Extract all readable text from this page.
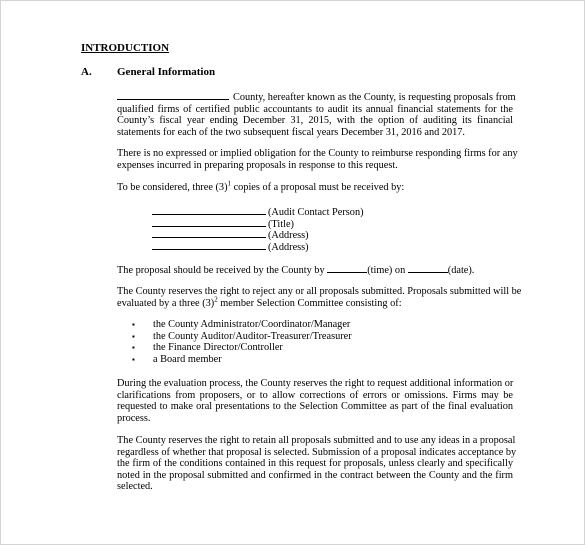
INTRODUCTION
A. General Information
County, hereafter known as the County, is requesting proposals from
qualified firms of certified public accountants to audit its annual financial statements for the
County’s fiscal year ending December 31, 2015, with the option of auditing its financial
statements for each of the two subsequent fiscal years December 31, 2016 and 2017.
There is no expressed or implied obligation for the County to reimburse responding firms for any
expenses incurred in preparing proposals in response to this request.
To be considered, three $(3)^1$ copies of a proposal must be received by:
(Audit Contact Person)
(Title)
(Address)
(Address)
The proposal should be received by the County by	(time) on	(date).
The County reserves the right to reject any or all proposals submitted. Proposals submitted will be
evaluated by a three $(3)^2$ member Selection Committee consisting of:
▪ the County Administrator/Coordinator/Manager
▪ the County Auditor/Auditor-Treasurer/Treasurer
▪ the Finance Director/Controller
▪ a Board member
During the evaluation process, the County reserves the right to request additional information or
clarifications from proposers, or to allow corrections of errors or omissions. Firms may be
requested to make oral presentations to the Selection Committee as part of the final evaluation
process.
The County reserves the right to retain all proposals submitted and to use any ideas in a proposal
regardless of whether that proposal is selected. Submission of a proposal indicates acceptance by
the firm of the conditions contained in this request for proposals, unless clearly and specifically
noted in the proposal submitted and confirmed in the contract between the County and the firm
selected.
